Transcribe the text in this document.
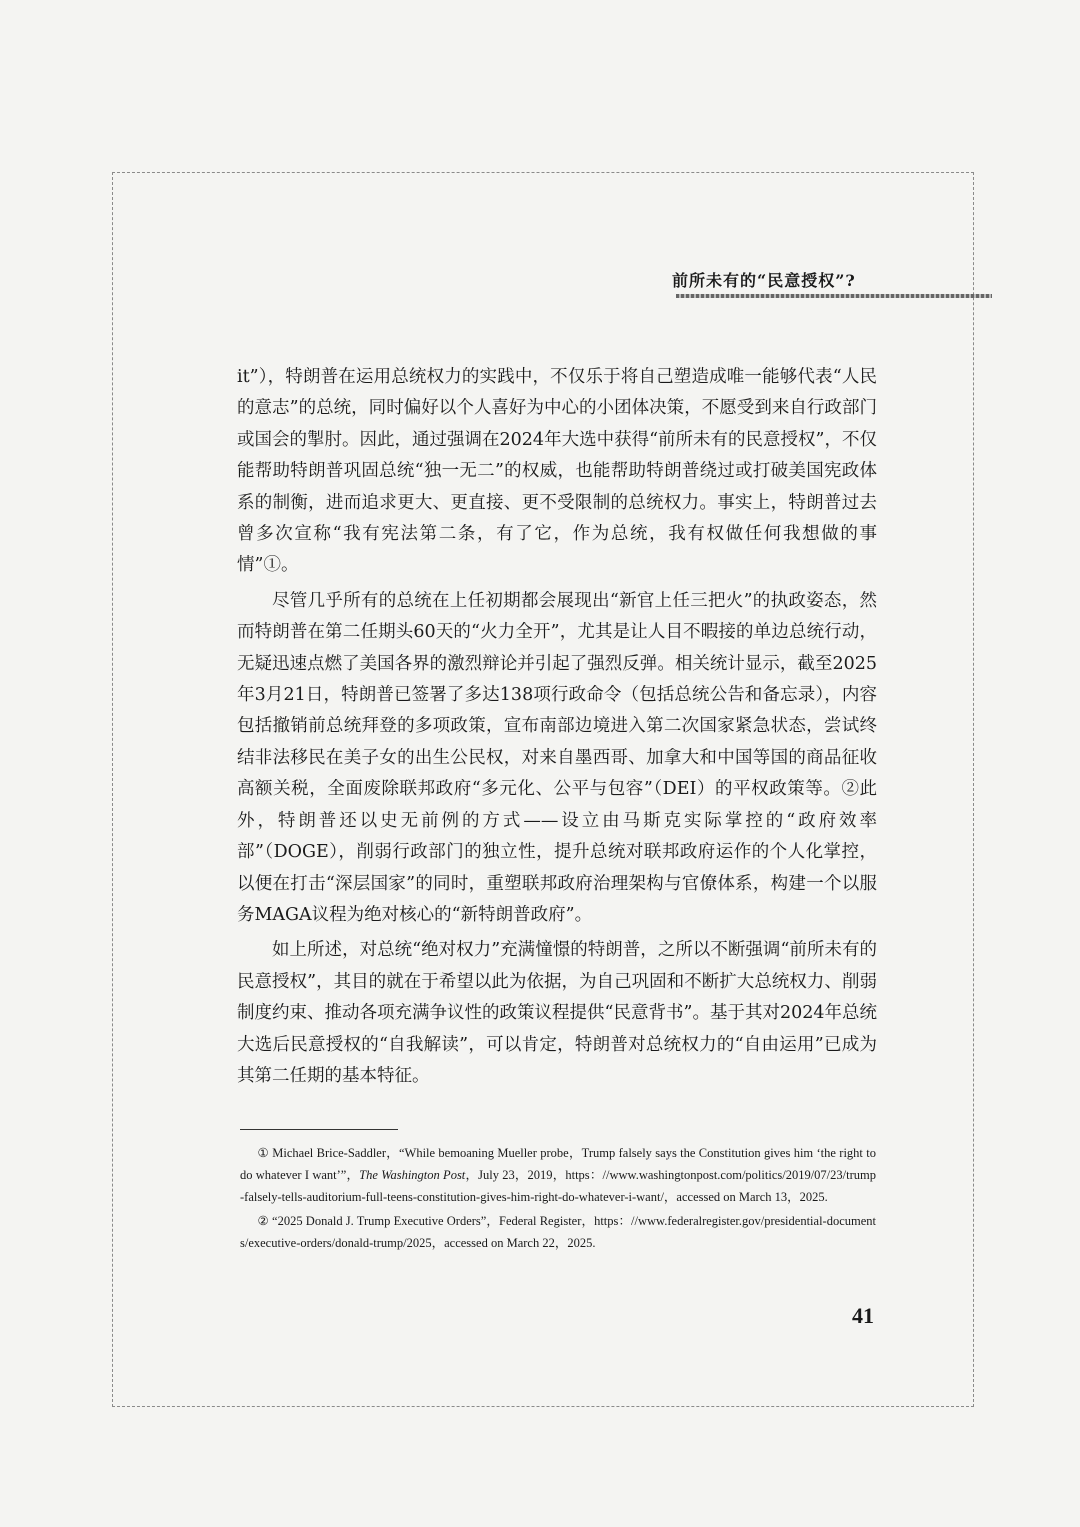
前所未有的“民意授权”?

it”），特朗普在运用总统权力的实践中，不仅乐于将自己塑造成唯一能够代表“人民的意志”的总统，同时偏好以个人喜好为中心的小团体决策，不愿受到来自行政部门或国会的掣肘。因此，通过强调在2024年大选中获得“前所未有的民意授权”，不仅能帮助特朗普巩固总统“独一无二”的权威，也能帮助特朗普绕过或打破美国宪政体系的制衡，进而追求更大、更直接、更不受限制的总统权力。事实上，特朗普过去曾多次宣称“我有宪法第二条，有了它，作为总统，我有权做任何我想做的事情”①。

尽管几乎所有的总统在上任初期都会展现出“新官上任三把火”的执政姿态，然而特朗普在第二任期头60天的“火力全开”，尤其是让人目不暇接的单边总统行动，无疑迅速点燃了美国各界的激烈辩论并引起了强烈反弹。相关统计显示，截至2025年3月21日，特朗普已签署了多达138项行政命令（包括总统公告和备忘录），内容包括撤销前总统拜登的多项政策，宣布南部边境进入第二次国家紧急状态，尝试终结非法移民在美子女的出生公民权，对来自墨西哥、加拿大和中国等国的商品征收高额关税，全面废除联邦政府“多元化、公平与包容”（DEI）的平权政策等。②此外，特朗普还以史无前例的方式——设立由马斯克实际掌控的“政府效率部”（DOGE），削弱行政部门的独立性，提升总统对联邦政府运作的个人化掌控，以便在打击“深层国家”的同时，重塑联邦政府治理架构与官僚体系，构建一个以服务MAGA议程为绝对核心的“新特朗普政府”。

如上所述，对总统“绝对权力”充满憧憬的特朗普，之所以不断强调“前所未有的民意授权”，其目的就在于希望以此为依据，为自己巩固和不断扩大总统权力、削弱制度约束、推动各项充满争议性的政策议程提供“民意背书”。基于其对2024年总统大选后民意授权的“自我解读”，可以肯定，特朗普对总统权力的“自由运用”已成为其第二任期的基本特征。

① Michael Brice-Saddler，“While bemoaning Mueller probe，Trump falsely says the Constitution gives him ‘the right to do whatever I want’”，The Washington Post，July 23，2019，https：//www.washingtonpost.com/politics/2019/07/23/trump-falsely-tells-auditorium-full-teens-constitution-gives-him-right-do-whatever-i-want/，accessed on March 13，2025.

② “2025 Donald J. Trump Executive Orders”，Federal Register，https：//www.federalregister.gov/presidential-documents/executive-orders/donald-trump/2025，accessed on March 22，2025.

41
